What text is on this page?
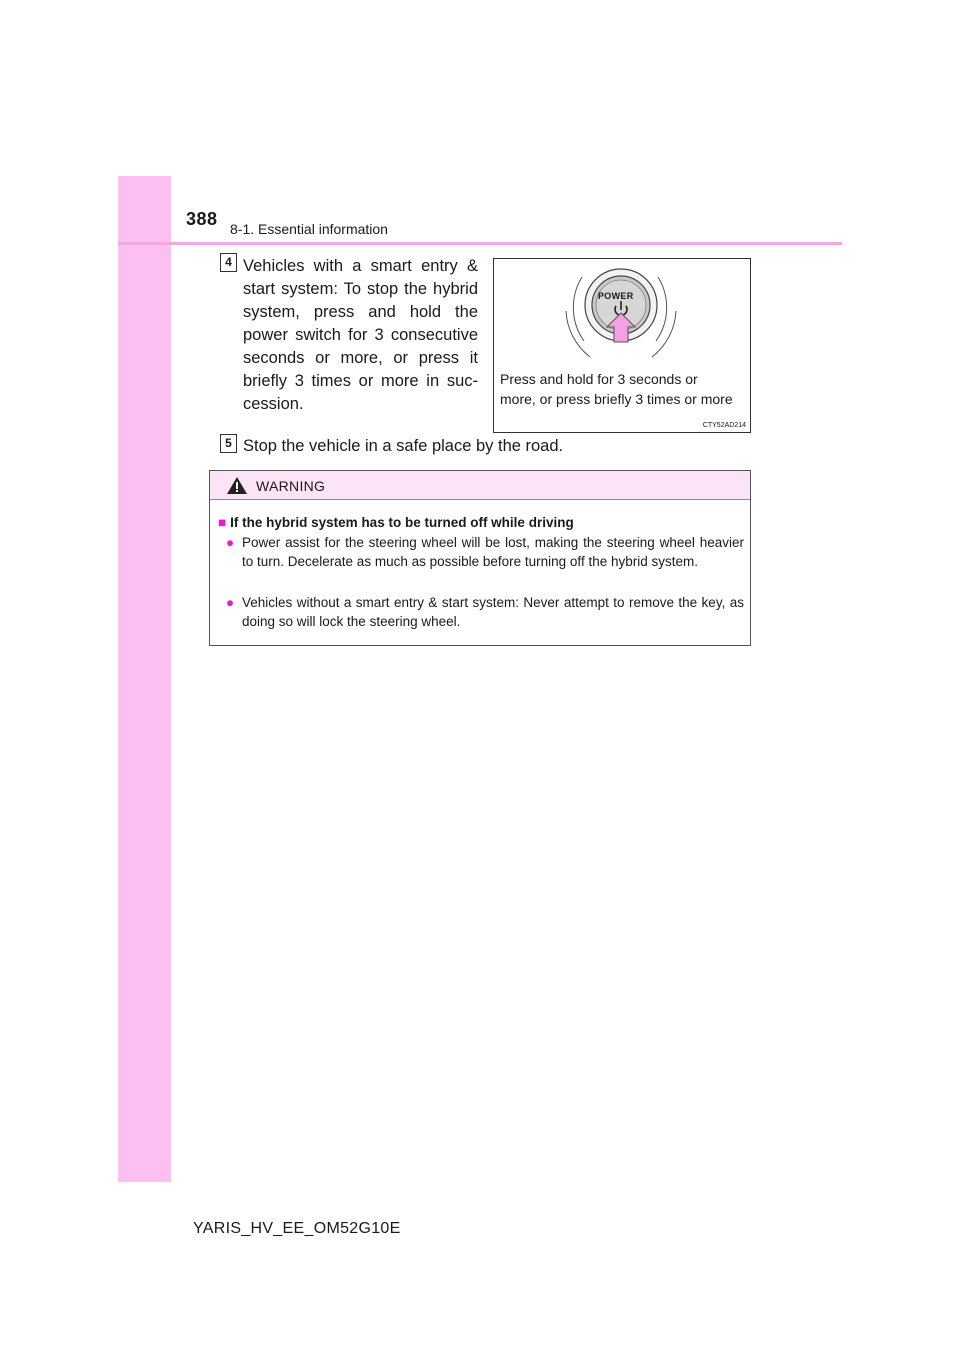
388 8-1. Essential information
4 Vehicles with a smart entry & start system: To stop the hybrid system, press and hold the power switch for 3 consecutive seconds or more, or press it briefly 3 times or more in suc-cession.
POWER
Press and hold for 3 seconds or
more, or press briefly 3 times or more
CTY52AD214
5 Stop the vehicle in a safe place by the road.
WARNING
■ If the hybrid system has to be turned off while driving
● Power assist for the steering wheel will be lost, making the steering wheel heavier to turn. Decelerate as much as possible before turning off the hybrid system.
● Vehicles without a smart entry & start system: Never attempt to remove the key, as doing so will lock the steering wheel.
YARIS_HV_EE_OM52G10E
